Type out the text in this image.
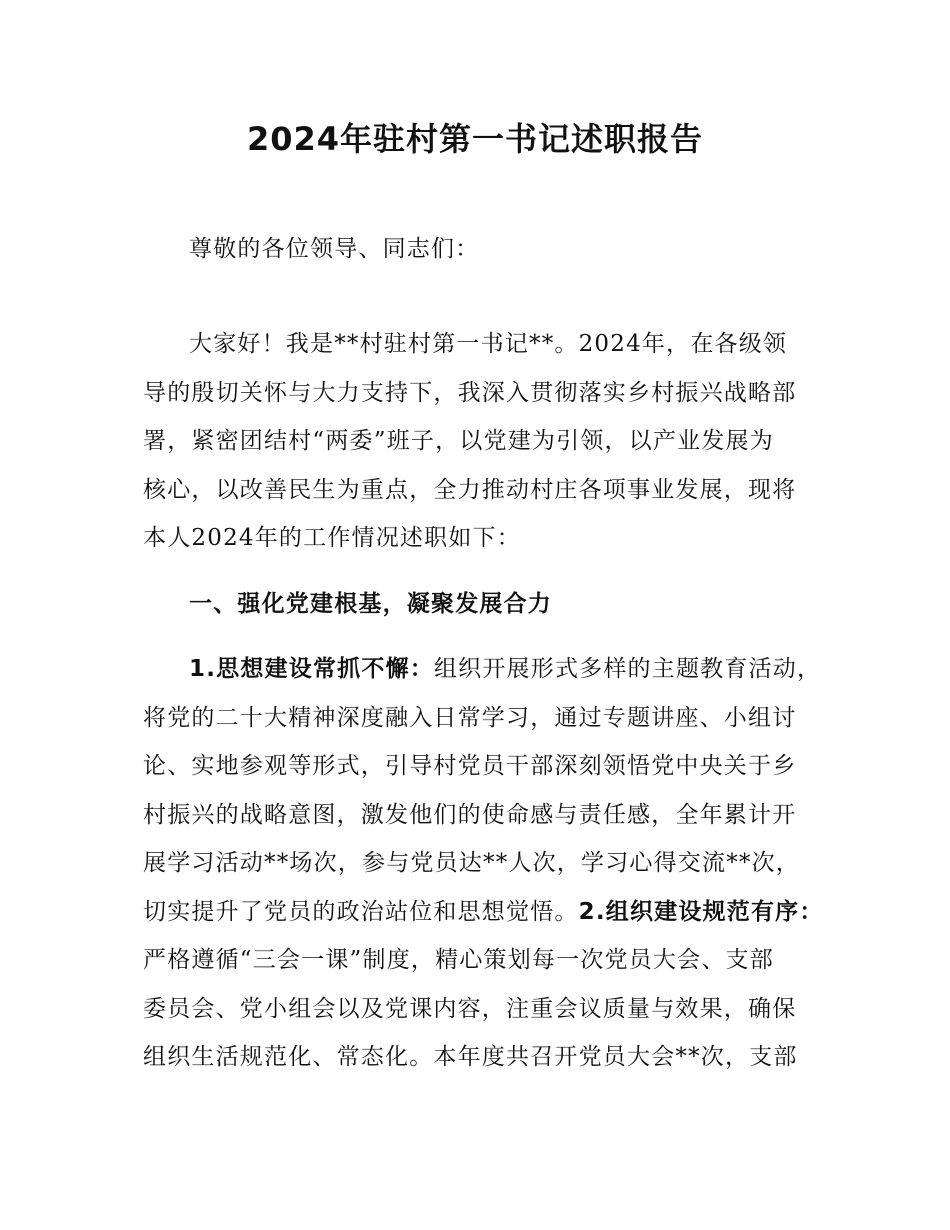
2024年驻村第一书记述职报告
尊敬的各位领导、同志们：
大家好！我是**村驻村第一书记**。2024年，在各级领
导的殷切关怀与大力支持下，我深入贯彻落实乡村振兴战略部
署，紧密团结村“两委”班子，以党建为引领，以产业发展为
核心，以改善民生为重点，全力推动村庄各项事业发展，现将
本人2024年的工作情况述职如下：
一、强化党建根基，凝聚发展合力
1.思想建设常抓不懈：组织开展形式多样的主题教育活动，
将党的二十大精神深度融入日常学习，通过专题讲座、小组讨
论、实地参观等形式，引导村党员干部深刻领悟党中央关于乡
村振兴的战略意图，激发他们的使命感与责任感，全年累计开
展学习活动**场次，参与党员达**人次，学习心得交流**次，
切实提升了党员的政治站位和思想觉悟。2.组织建设规范有序：
严格遵循“三会一课”制度，精心策划每一次党员大会、支部
委员会、党小组会以及党课内容，注重会议质量与效果，确保
组织生活规范化、常态化。本年度共召开党员大会**次，支部
